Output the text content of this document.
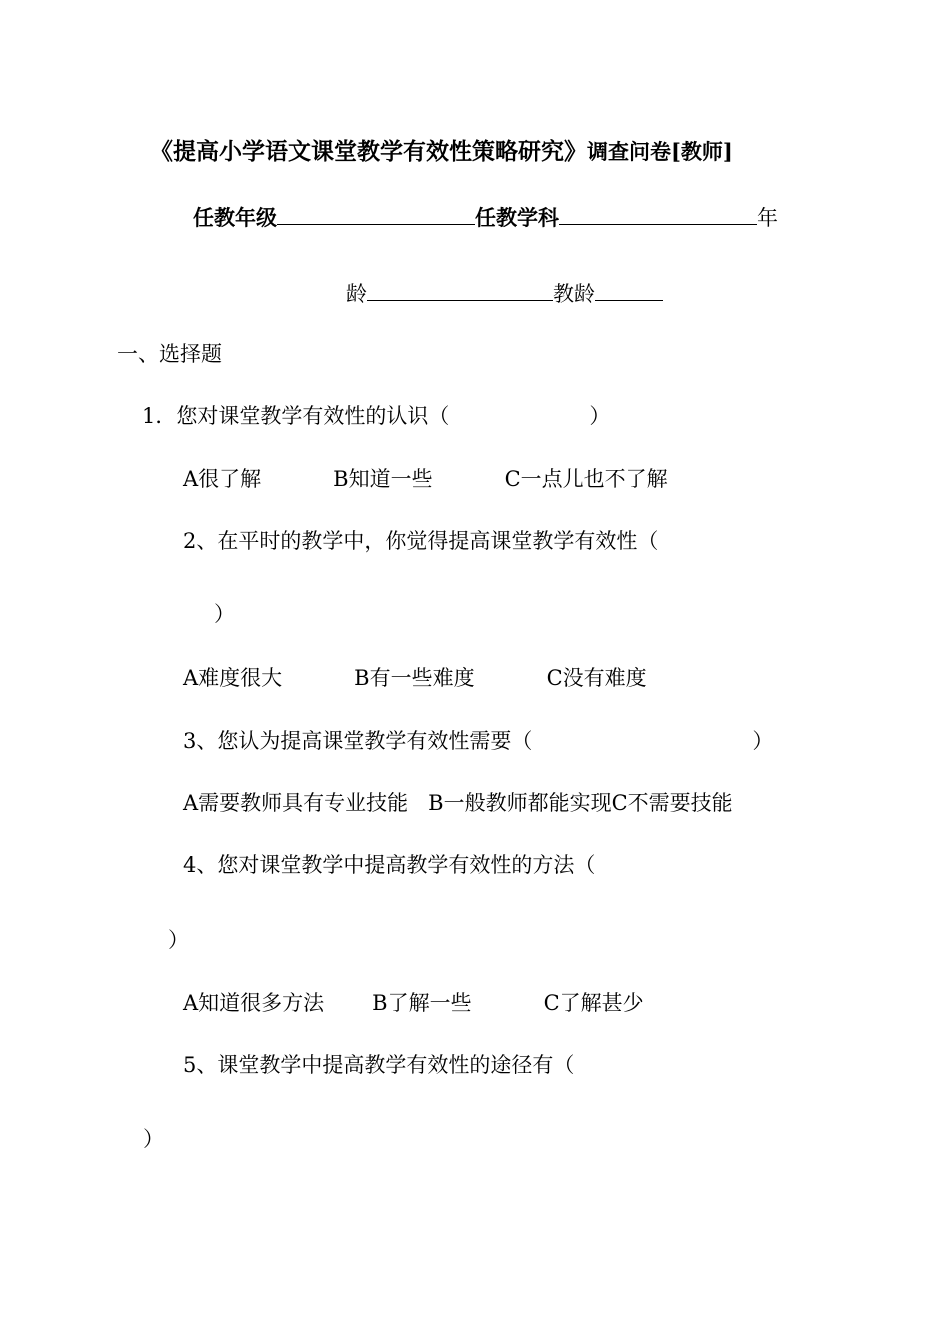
《提高小学语文课堂教学有效性策略研究》调查问卷[教师]
任教年级	任教学科	年
龄	教龄
一、选择题
1．您对课堂教学有效性的认识（	）
A很了解	B知道一些	C一点儿也不了解
2、在平时的教学中，你觉得提高课堂教学有效性（
）
A难度很大	B有一些难度	C没有难度
3、您认为提高课堂教学有效性需要（	）
A需要教师具有专业技能 B一般教师都能实现C不需要技能
4、您对课堂教学中提高教学有效性的方法（
）
A知道很多方法 B了解一些	C了解甚少
5、课堂教学中提高教学有效性的途径有（
）
